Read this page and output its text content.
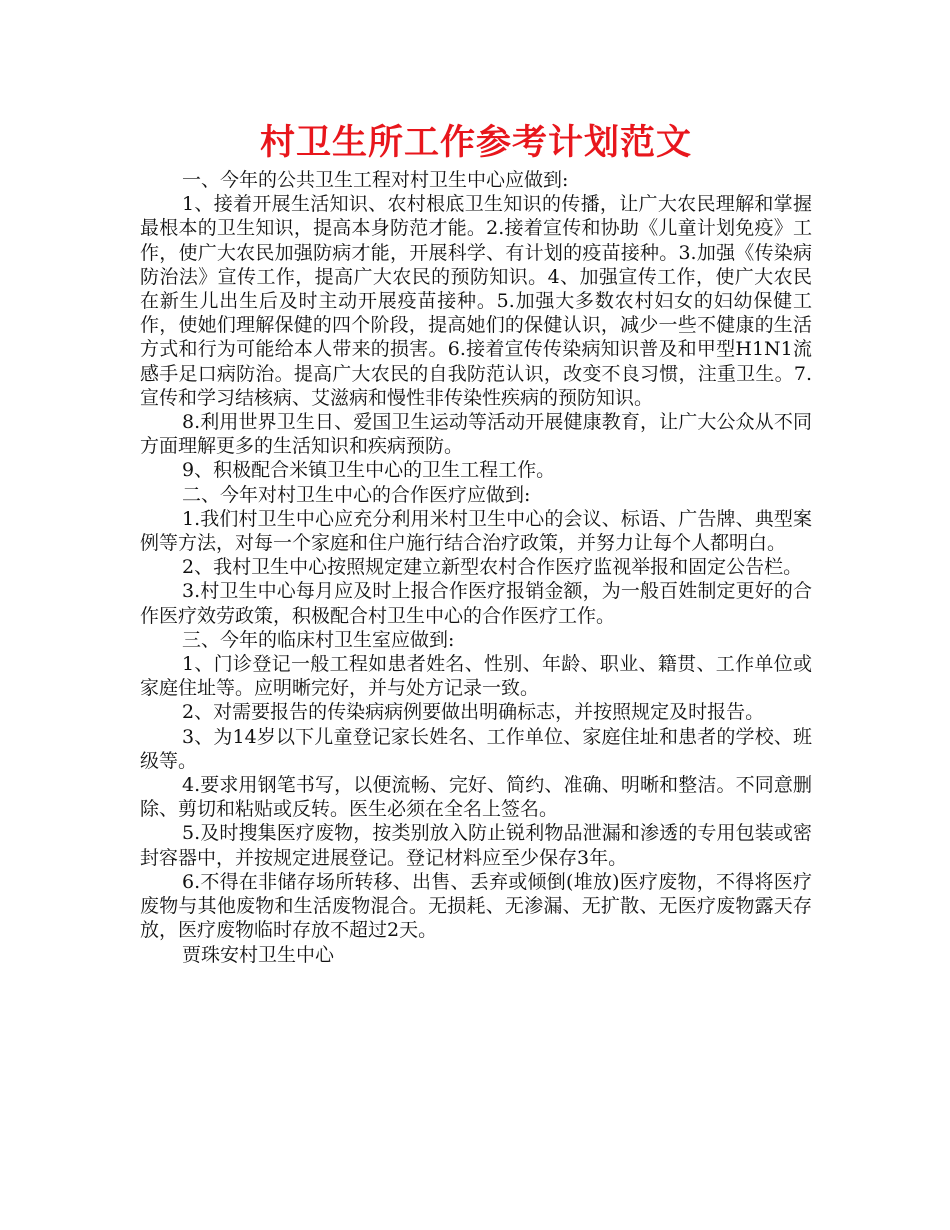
村卫生所工作参考计划范文

一、今年的公共卫生工程对村卫生中心应做到:

1、接着开展生活知识、农村根底卫生知识的传播，让广大农民理解和掌握最根本的卫生知识，提高本身防范才能。2.接着宣传和协助《儿童计划免疫》工作，使广大农民加强防病才能，开展科学、有计划的疫苗接种。3.加强《传染病防治法》宣传工作，提高广大农民的预防知识。4、加强宣传工作，使广大农民在新生儿出生后及时主动开展疫苗接种。5.加强大多数农村妇女的妇幼保健工作，使她们理解保健的四个阶段，提高她们的保健认识，减少一些不健康的生活方式和行为可能给本人带来的损害。6.接着宣传传染病知识普及和甲型H1N1流感手足口病防治。提高广大农民的自我防范认识，改变不良习惯，注重卫生。7.宣传和学习结核病、艾滋病和慢性非传染性疾病的预防知识。

8.利用世界卫生日、爱国卫生运动等活动开展健康教育，让广大公众从不同方面理解更多的生活知识和疾病预防。

9、积极配合米镇卫生中心的卫生工程工作。

二、今年对村卫生中心的合作医疗应做到:

1.我们村卫生中心应充分利用米村卫生中心的会议、标语、广告牌、典型案例等方法，对每一个家庭和住户施行结合治疗政策，并努力让每个人都明白。

2、我村卫生中心按照规定建立新型农村合作医疗监视举报和固定公告栏。

3.村卫生中心每月应及时上报合作医疗报销金额，为一般百姓制定更好的合作医疗效劳政策，积极配合村卫生中心的合作医疗工作。

三、今年的临床村卫生室应做到:

1、门诊登记一般工程如患者姓名、性别、年龄、职业、籍贯、工作单位或家庭住址等。应明晰完好，并与处方记录一致。

2、对需要报告的传染病病例要做出明确标志，并按照规定及时报告。

3、为14岁以下儿童登记家长姓名、工作单位、家庭住址和患者的学校、班级等。

4.要求用钢笔书写，以便流畅、完好、简约、准确、明晰和整洁。不同意删除、剪切和粘贴或反转。医生必须在全名上签名。

5.及时搜集医疗废物，按类别放入防止锐利物品泄漏和渗透的专用包装或密封容器中，并按规定进展登记。登记材料应至少保存3年。

6.不得在非储存场所转移、出售、丢弃或倾倒(堆放)医疗废物，不得将医疗废物与其他废物和生活废物混合。无损耗、无渗漏、无扩散、无医疗废物露天存放，医疗废物临时存放不超过2天。

贾珠安村卫生中心
